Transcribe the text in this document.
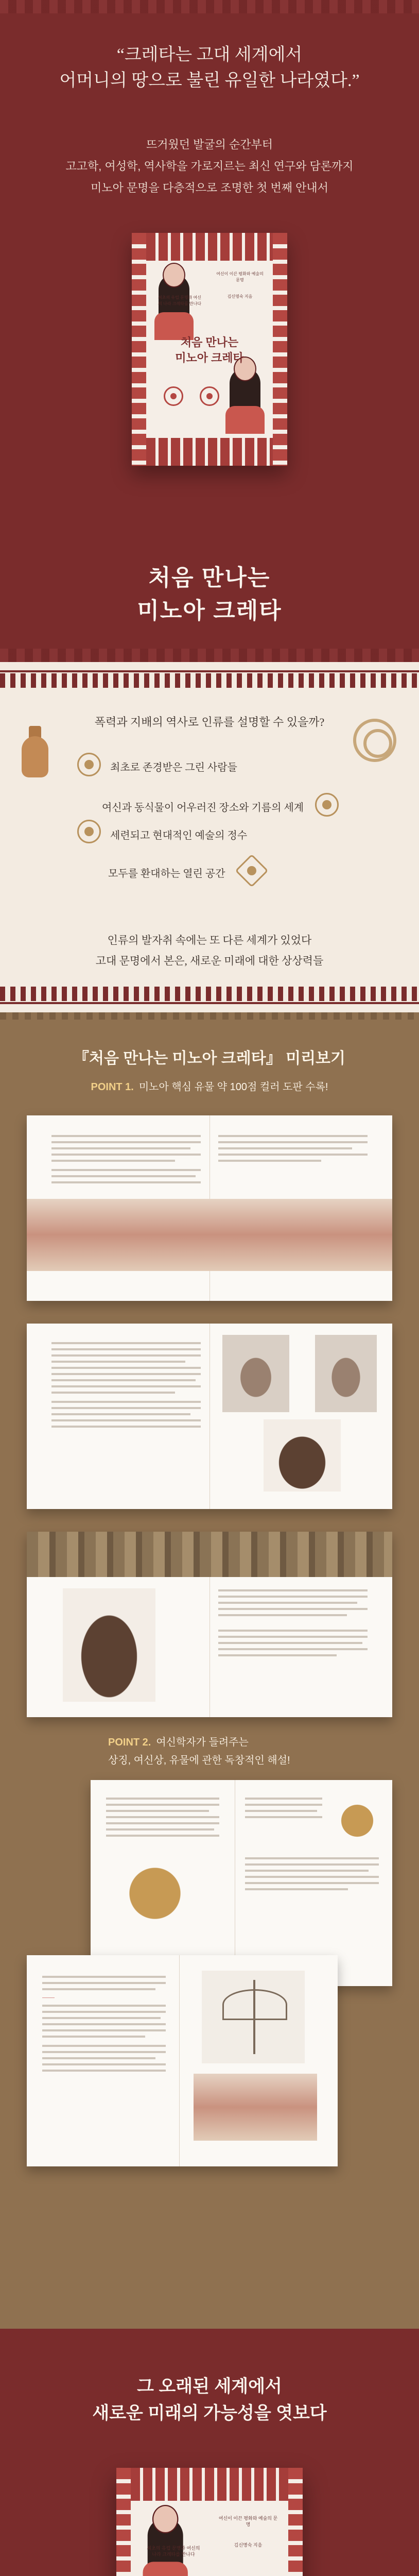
“크레타는 고대 세계에서
어머니의 땅으로 불린 유일한 나라였다.”
뜨거웠던 발굴의 순간부터
고고학, 여성학, 역사학을 가로지르는 최신 연구와 담론까지
미노아 문명을 다층적으로 조명한 첫 번째 안내서
최초의 유럽 문명과 여신의 나라 크레타를 만나다
여신이 이끈 평화와 예술의 문명
김신명숙 지음
처음 만나는
미노아 크레타
처음 만나는
미노아 크레타
폭력과 지배의 역사로 인류를 설명할 수 있을까?
최초로 존경받은 그린 사람들
여신과 동식물이 어우러진 장소와 기름의 세계
세련되고 현대적인 예술의 정수
모두를 환대하는 열린 공간
인류의 발자취 속에는 또 다른 세계가 있었다
고대 문명에서 본은, 새로운 미래에 대한 상상력들
『처음 만나는 미노아 크레타』 미리보기
POINT 1. 미노아 핵심 유물 약 100점 컬러 도판 수록!
POINT 2. 여신학자가 들려주는
상징, 여신상, 유물에 관한 독창적인 해설!
———
그 오래된 세계에서
새로운 미래의 가능성을 엿보다
최초의 유럽 문명과 여신의 나라 크레타를 만나다
여신이 이끈 평화와 예술의 문명
김신명숙 지음
